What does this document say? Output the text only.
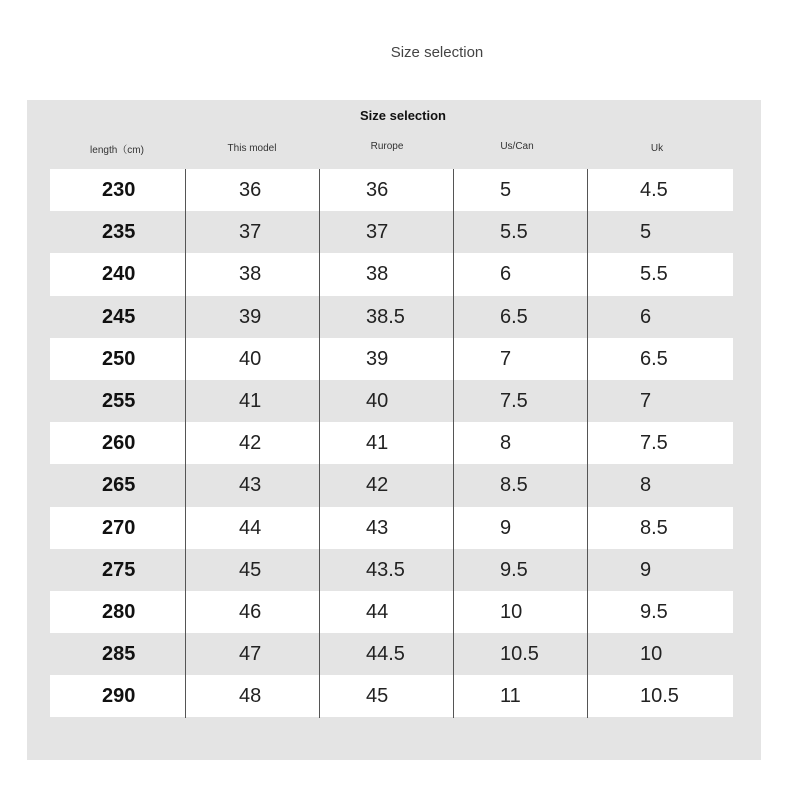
Size selection
Size selection
length（cm)	This model	Rurope	Us/Can	Uk
230	36	36	5	4.5
235	37	37	5.5	5
240	38	38	6	5.5
245	39	38.5	6.5	6
250	40	39	7	6.5
255	41	40	7.5	7
260	42	41	8	7.5
265	43	42	8.5	8
270	44	43	9	8.5
275	45	43.5	9.5	9
280	46	44	10	9.5
285	47	44.5	10.5	10
290	48	45	11	10.5
